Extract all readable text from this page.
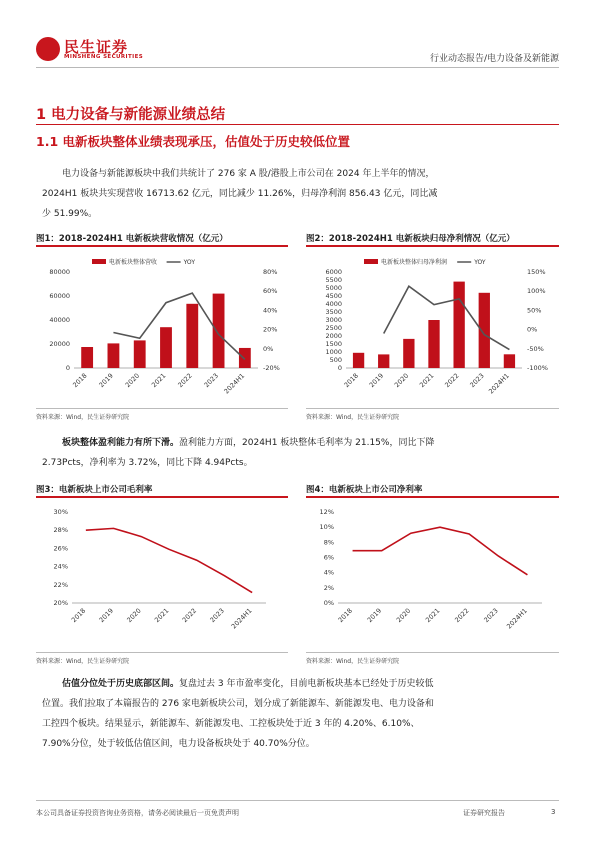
民生证券
MINSHENG SECURITIES	行业动态报告/电力设备及新能源
1 电力设备与新能源业绩总结
1.1 电新板块整体业绩表现承压，估值处于历史较低位置
电力设备与新能源板块中我们共统计了 276 家 A 股/港股上市公司在 2024 年上半年的情况，2024H1 板块共实现营收 16713.62 亿元，同比减少 11.26%，归母净利润 856.43 亿元，同比减少 51.99%。
图1：2018-2024H1 电新板块营收情况（亿元）
电新板块整体营收	YOY
0
20000
40000
60000
80000
-20%
0%
20%
40%
60%
80%
2018 2019 2020 2021 2022 2023 2024H1
资料来源：Wind，民生证券研究院
图2：2018-2024H1 电新板块归母净利情况（亿元）
电新板块整体归母净利润	YOY
0
500
1000
1500
2000
2500
3000
3500
4000
4500
5000
5500
6000
-100%
-50%
0%
50%
100%
150%
2018 2019 2020 2021 2022 2023 2024H1
资料来源：Wind，民生证券研究院
板块整体盈利能力有所下滑。盈利能力方面，2024H1 板块整体毛利率为 21.15%，同比下降 2.73Pcts，净利率为 3.72%，同比下降 4.94Pcts。
图3：电新板块上市公司毛利率
20%
22%
24%
26%
28%
30%
2018 2019 2020 2021 2022 2023 2024H1
资料来源：Wind，民生证券研究院
图4：电新板块上市公司净利率
0%
2%
4%
6%
8%
10%
12%
2018 2019 2020 2021 2022 2023 2024H1
资料来源：Wind，民生证券研究院
估值分位处于历史底部区间。复盘过去 3 年市盈率变化，目前电新板块基本已经处于历史较低位置。我们拉取了本篇报告的 276 家电新板块公司，划分成了新能源车、新能源发电、电力设备和工控四个板块。结果显示，新能源车、新能源发电、工控板块处于近 3 年的 4.20%、6.10%、7.90%分位，处于较低估值区间，电力设备板块处于 40.70%分位。
本公司具备证券投资咨询业务资格，请务必阅读最后一页免责声明	证券研究报告	3
